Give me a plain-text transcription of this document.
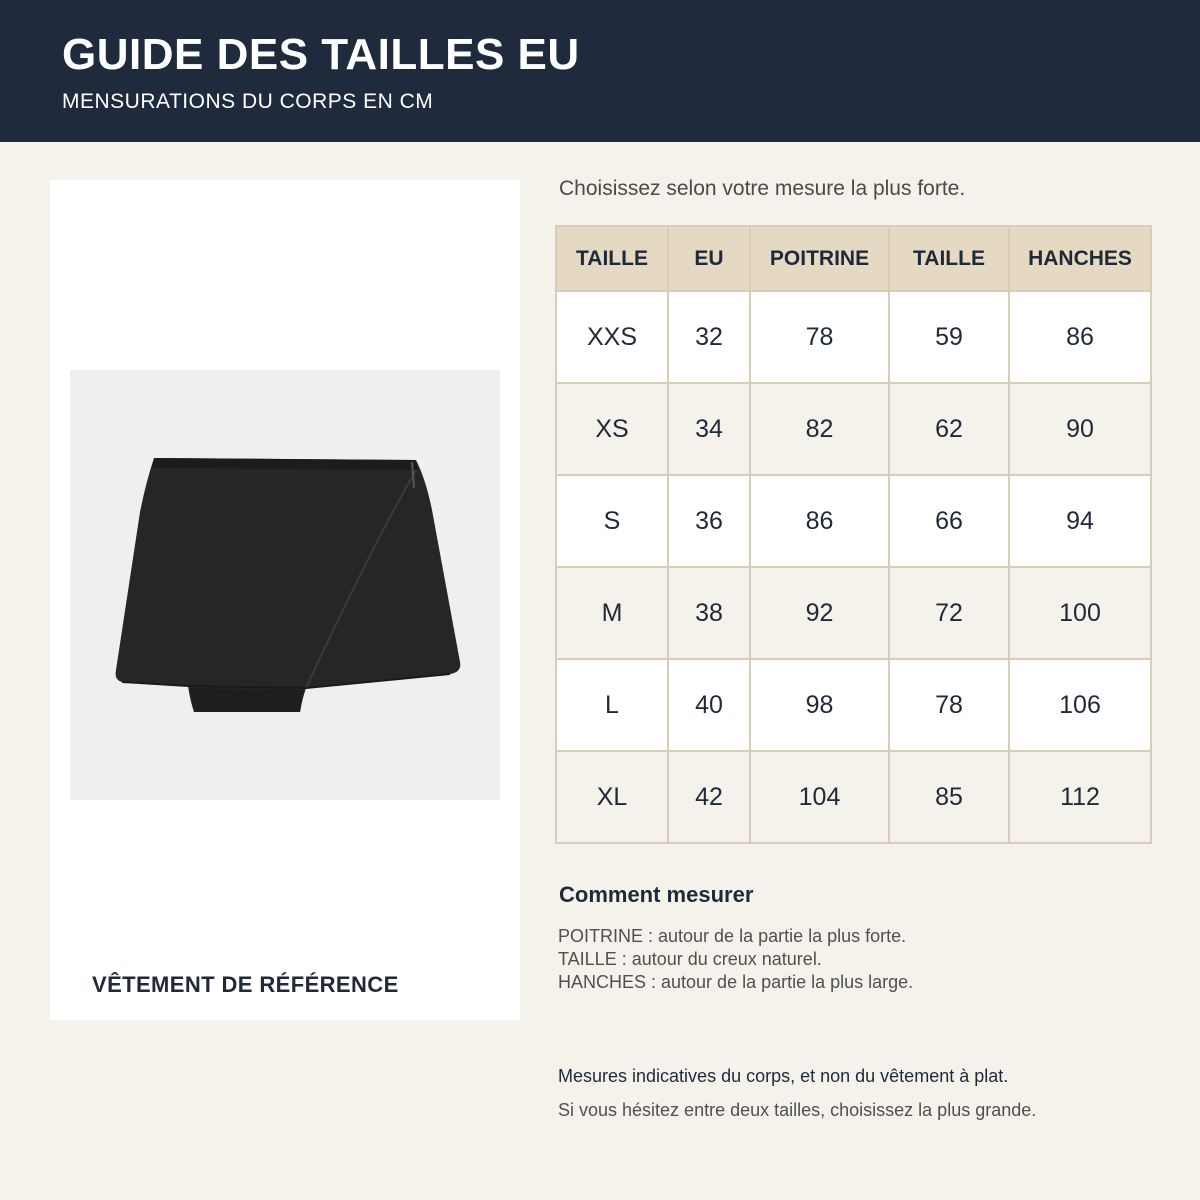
GUIDE DES TAILLES EU
MENSURATIONS DU CORPS EN CM
VÊTEMENT DE RÉFÉRENCE
Choisissez selon votre mesure la plus forte.
TAILLE	EU	POITRINE	TAILLE	HANCHES
XXS	32	78	59	86
XS	34	82	62	90
S	36	86	66	94
M	38	92	72	100
L	40	98	78	106
XL	42	104	85	112
Comment mesurer
POITRINE : autour de la partie la plus forte.
TAILLE : autour du creux naturel.
HANCHES : autour de la partie la plus large.
Mesures indicatives du corps, et non du vêtement à plat.
Si vous hésitez entre deux tailles, choisissez la plus grande.
